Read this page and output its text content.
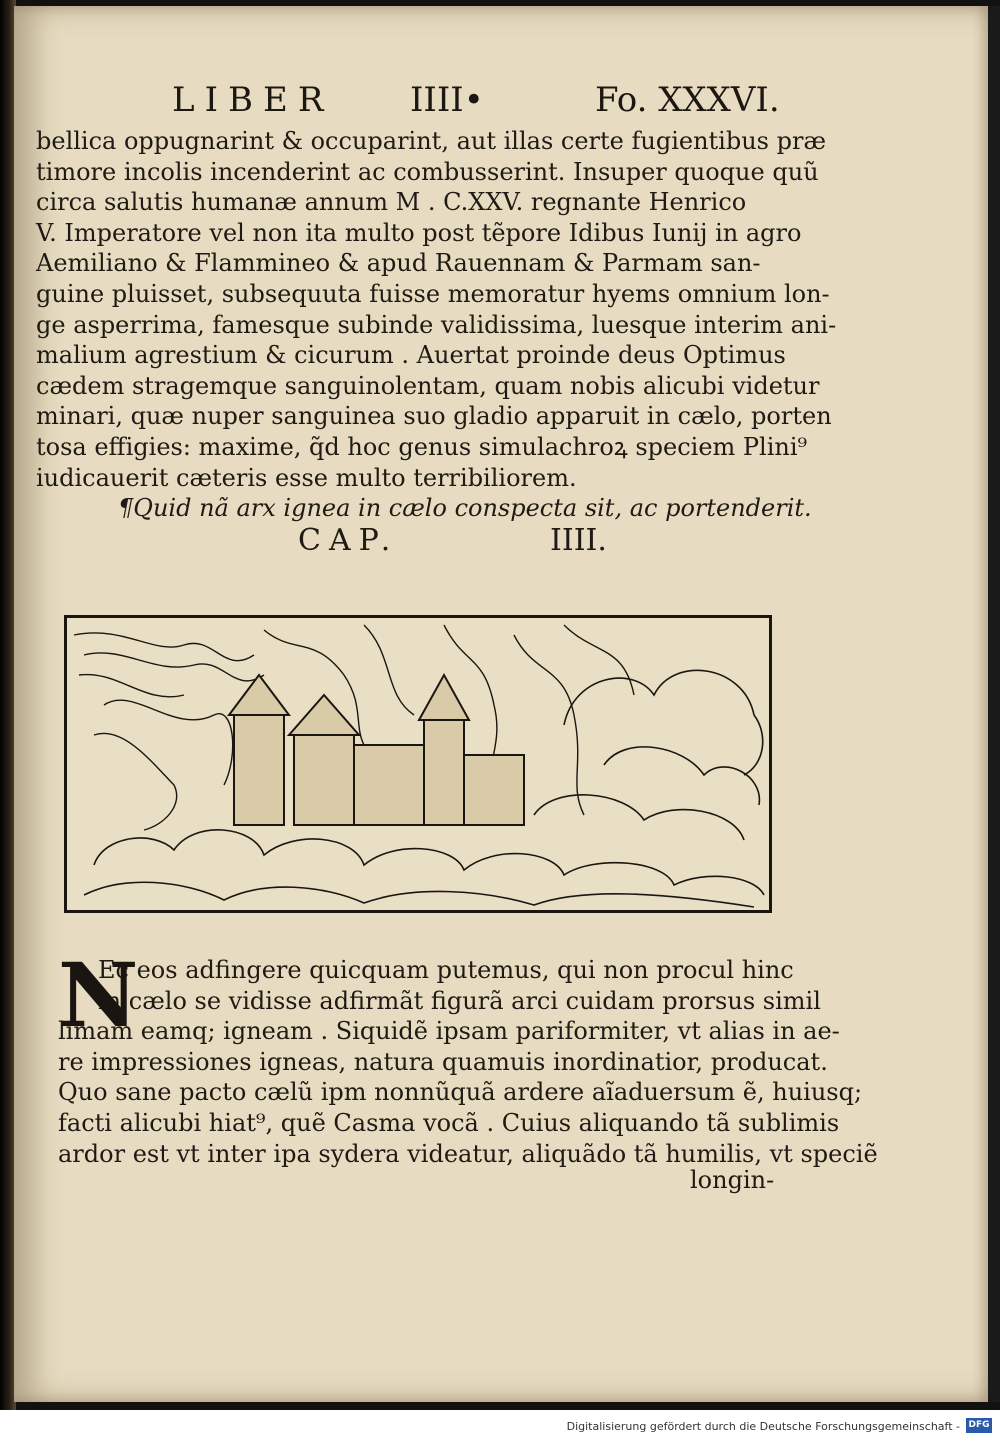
LIBER IIII•	Fo. XXXVI.
bellica oppugnarint & occuparint, aut illas certe fugientibus præ
timore incolis incenderint ac combusserint. Insuper quoque quũ
circa salutis humanæ annum M . C.XXV. regnante Henrico
V. Imperatore vel non ita multo post tẽpore Idibus Iunij in agro
Aemiliano & Flammineo & apud Rauennam & Parmam san-
guine pluisset, subsequuta fuisse memoratur hyems omnium lon-
ge asperrima, famesque subinde validissima, luesque interim ani-
malium agrestium & cicurum . Auertat proinde deus Optimus
cædem stragemque sanguinolentam, quam nobis alicubi videtur
minari, quæ nuper sanguinea suo gladio apparuit in cælo, porten
tosa effigies: maxime, q̃d hoc genus simulachroꝝ speciem Plini⁹
iudicauerit cæteris esse multo terribiliorem.
¶Quid nã arx ignea in cælo conspecta sit, ac portenderit.
CAP.	IIII.
N
Ec eos adfingere quicquam putemus, qui non procul hinc
in cælo se vidisse adfirmãt figurã arci cuidam prorsus simil
limam eamq; igneam . Siquidẽ ipsam pariformiter, vt alias in ae-
re impressiones igneas, natura quamuis inordinatior, producat.
Quo sane pacto cælũ ipm nonnũquã ardere aĩaduersum ẽ, huiusq;
facti alicubi hiat⁹, quẽ Casma vocã . Cuius aliquando tã sublimis
ardor est vt inter ipa sydera videatur, aliquãdo tã humilis, vt speciẽ
longin-
Digitalisierung gefördert durch die Deutsche Forschungsgemeinschaft - DFG
